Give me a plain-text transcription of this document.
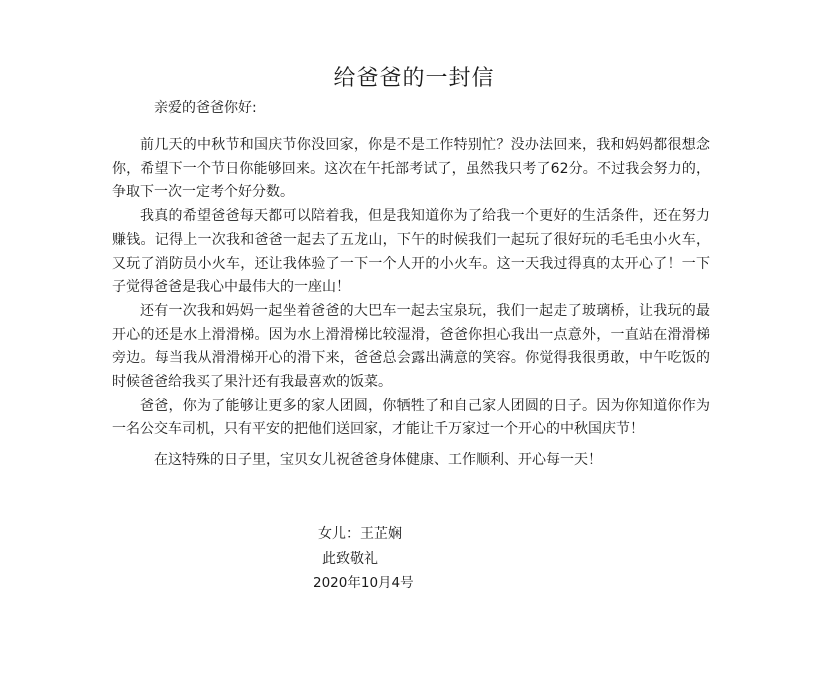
给爸爸的一封信
亲爱的爸爸你好:

前几天的中秋节和国庆节你没回家，你是不是工作特别忙？没办法回来，我和妈妈都很想念你，希望下一个节日你能够回来。这次在午托部考试了，虽然我只考了62分。不过我会努力的，争取下一次一定考个好分数。

我真的希望爸爸每天都可以陪着我，但是我知道你为了给我一个更好的生活条件，还在努力赚钱。记得上一次我和爸爸一起去了五龙山，下午的时候我们一起玩了很好玩的毛毛虫小火车，又玩了消防员小火车，还让我体验了一下一个人开的小火车。这一天我过得真的太开心了！一下子觉得爸爸是我心中最伟大的一座山！

还有一次我和妈妈一起坐着爸爸的大巴车一起去宝泉玩，我们一起走了玻璃桥，让我玩的最开心的还是水上滑滑梯。因为水上滑滑梯比较湿滑，爸爸你担心我出一点意外，一直站在滑滑梯旁边。每当我从滑滑梯开心的滑下来，爸爸总会露出满意的笑容。你觉得我很勇敢，中午吃饭的时候爸爸给我买了果汁还有我最喜欢的饭菜。

爸爸，你为了能够让更多的家人团圆，你牺牲了和自己家人团圆的日子。因为你知道你作为一名公交车司机，只有平安的把他们送回家，才能让千万家过一个开心的中秋国庆节！

在这特殊的日子里，宝贝女儿祝爸爸身体健康、工作顺利、开心每一天！
女儿：王芷娴
此致敬礼
2020年10月4号
